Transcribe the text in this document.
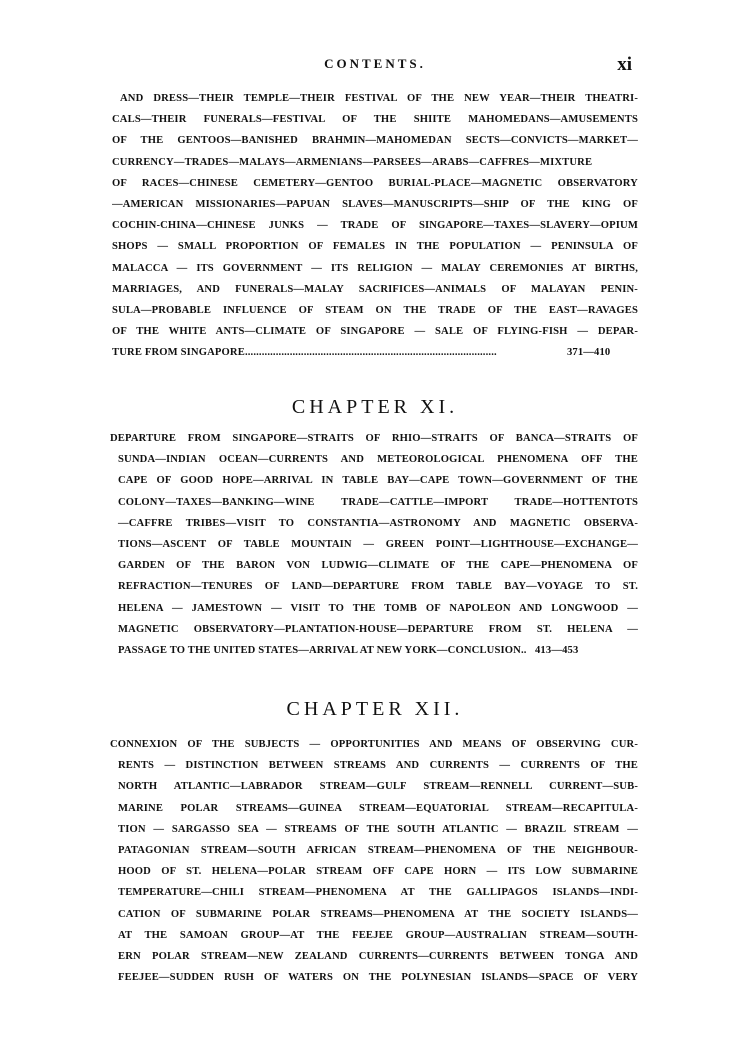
CONTENTS.	xi
AND DRESS—THEIR TEMPLE—THEIR FESTIVAL OF THE NEW YEAR—THEIR THEATRI-
CALS—THEIR FUNERALS—FESTIVAL OF THE SHIITE MAHOMEDANS—AMUSEMENTS
OF THE GENTOOS—BANISHED BRAHMIN—MAHOMEDAN SECTS—CONVICTS—MARKET—
CURRENCY—TRADES—MALAYS—ARMENIANS—PARSEES—ARABS—CAFFRES—MIXTURE
OF RACES—CHINESE CEMETERY—GENTOO BURIAL-PLACE—MAGNETIC OBSERVATORY
—AMERICAN MISSIONARIES—PAPUAN SLAVES—MANUSCRIPTS—SHIP OF THE KING OF
COCHIN-CHINA—CHINESE JUNKS — TRADE OF SINGAPORE—TAXES—SLAVERY—OPIUM
SHOPS — SMALL PROPORTION OF FEMALES IN THE POPULATION — PENINSULA OF
MALACCA — ITS GOVERNMENT — ITS RELIGION — MALAY CEREMONIES AT BIRTHS,
MARRIAGES, AND FUNERALS—MALAY SACRIFICES—ANIMALS OF MALAYAN PENIN-
SULA—PROBABLE INFLUENCE OF STEAM ON THE TRADE OF THE EAST—RAVAGES
OF THE WHITE ANTS—CLIMATE OF SINGAPORE — SALE OF FLYING-FISH — DEPAR-
TURE FROM SINGAPORE..........................................................................................	371—410
CHAPTER XI.
DEPARTURE FROM SINGAPORE—STRAITS OF RHIO—STRAITS OF BANCA—STRAITS OF
SUNDA—INDIAN OCEAN—CURRENTS AND METEOROLOGICAL PHENOMENA OFF THE
CAPE OF GOOD HOPE—ARRIVAL IN TABLE BAY—CAPE TOWN—GOVERNMENT OF THE
COLONY—TAXES—BANKING—WINE TRADE—CATTLE—IMPORT TRADE—HOTTENTOTS
—CAFFRE TRIBES—VISIT TO CONSTANTIA—ASTRONOMY AND MAGNETIC OBSERVA-
TIONS—ASCENT OF TABLE MOUNTAIN — GREEN POINT—LIGHTHOUSE—EXCHANGE—
GARDEN OF THE BARON VON LUDWIG—CLIMATE OF THE CAPE—PHENOMENA OF
REFRACTION—TENURES OF LAND—DEPARTURE FROM TABLE BAY—VOYAGE TO ST.
HELENA — JAMESTOWN — VISIT TO THE TOMB OF NAPOLEON AND LONGWOOD —
MAGNETIC OBSERVATORY—PLANTATION-HOUSE—DEPARTURE FROM ST. HELENA —
PASSAGE TO THE UNITED STATES—ARRIVAL AT NEW YORK—CONCLUSION.. 413—453
CHAPTER XII.
CONNEXION OF THE SUBJECTS — OPPORTUNITIES AND MEANS OF OBSERVING CUR-
RENTS — DISTINCTION BETWEEN STREAMS AND CURRENTS — CURRENTS OF THE
NORTH ATLANTIC—LABRADOR STREAM—GULF STREAM—RENNELL CURRENT—SUB-
MARINE POLAR STREAMS—GUINEA STREAM—EQUATORIAL STREAM—RECAPITULA-
TION — SARGASSO SEA — STREAMS OF THE SOUTH ATLANTIC — BRAZIL STREAM —
PATAGONIAN STREAM—SOUTH AFRICAN STREAM—PHENOMENA OF THE NEIGHBOUR-
HOOD OF ST. HELENA—POLAR STREAM OFF CAPE HORN — ITS LOW SUBMARINE
TEMPERATURE—CHILI STREAM—PHENOMENA AT THE GALLIPAGOS ISLANDS—INDI-
CATION OF SUBMARINE POLAR STREAMS—PHENOMENA AT THE SOCIETY ISLANDS—
AT THE SAMOAN GROUP—AT THE FEEJEE GROUP—AUSTRALIAN STREAM—SOUTH-
ERN POLAR STREAM—NEW ZEALAND CURRENTS—CURRENTS BETWEEN TONGA AND
FEEJEE—SUDDEN RUSH OF WATERS ON THE POLYNESIAN ISLANDS—SPACE OF VERY
